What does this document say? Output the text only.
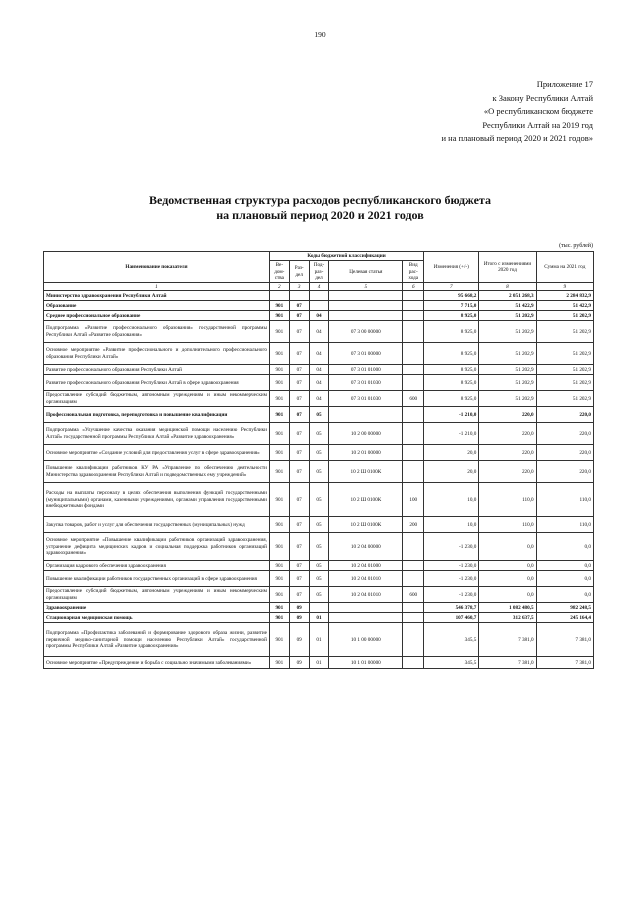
190
Приложение 17
к Закону Республики Алтай
«О республиканском бюджете
Республики Алтай на 2019 год
и на плановый период 2020 и 2021 годов»
Ведомственная структура расходов республиканского бюджета
на плановый период 2020 и 2021 годов
(тыс. рублей)
Наименование показателя	Коды бюджетной классификации					Изменения (+/-)	Итого с изменениями 2020 год	Сумма на 2021 год
	Ве-дом-ства	Раз-дел	Под-раз-дел	Целевая статья	Вид рас-хода			
1	2	3	4	5	6	7	8	9
Министерство здравоохранения Республики Алтай						95 668,2	2 051 268,3	2 284 832,9
Образование	901	07				7 715,0	51 422,9	51 422,9
Среднее профессиональное образование	901	07	04			8 925,0	51 202,9	51 202,9
Подпрограмма «Развитие профессионального образования» государственной программы Республики Алтай «Развитие образования»	901	07	04	07 3 00 00000		8 925,0	51 202,9	51 202,9
Основное мероприятие «Развитие профессионального и дополнительного профессионального образования Республики Алтай»	901	07	04	07 3 01 00000		8 925,0	51 202,9	51 202,9
Развитие профессионального образования Республики Алтай	901	07	04	07 3 01 01000		8 925,0	51 202,9	51 202,9
Развитие профессионального образования Республики Алтай в сфере здравоохранения	901	07	04	07 3 01 01030		8 925,0	51 202,9	51 202,9
Предоставление субсидий бюджетным, автономным учреждениям и иным некоммерческим организациям	901	07	04	07 3 01 01030	600	8 925,0	51 202,9	51 202,9
Профессиональная подготовка, переподготовка и повышение квалификации	901	07	05			-1 210,0	220,0	220,0
Подпрограмма «Улучшение качества оказания медицинской помощи населению Республики Алтай» государственной программы Республики Алтай «Развитие здравоохранения»	901	07	05	10 2 00 00000		-1 210,0	220,0	220,0
Основное мероприятие «Создание условий для предоставления услуг в сфере здравоохранения»	901	07	05	10 2 01 00000		20,0	220,0	220,0
Повышение квалификации работников КУ РА «Управление по обеспечению деятельности Министерства здравоохранения Республики Алтай и подведомственных ему учреждений»	901	07	05	10 2 Ш 0100К		20,0	220,0	220,0
Расходы на выплаты персоналу в целях обеспечения выполнения функций государственными (муниципальными) органами, казенными учреждениями, органами управления государственными внебюджетными фондами	901	07	05	10 2 Ш 0100К	100	10,0	110,0	110,0
Закупка товаров, работ и услуг для обеспечения государственных (муниципальных) нужд	901	07	05	10 2 Ш 0100К	200	10,0	110,0	110,0
Основное мероприятие «Повышение квалификации работников организаций здравоохранения, устранение дефицита медицинских кадров и социальная поддержка работников организаций здравоохранения»	901	07	05	10 2 04 00000		-1 230,0	0,0	0,0
Организация кадрового обеспечения здравоохранения	901	07	05	10 2 04 01000		-1 230,0	0,0	0,0
Повышение квалификации работников государственных организаций в сфере здравоохранения	901	07	05	10 2 04 01010		-1 230,0	0,0	0,0
Предоставление субсидий бюджетным, автономным учреждениям и иным некоммерческим организациям	901	07	05	10 2 04 01010	600	-1 230,0	0,0	0,0
Здравоохранение	901	09				546 378,7	1 082 480,5	982 248,5
Стационарная медицинская помощь	901	09	01			107 460,7	312 637,5	245 164,4
Подпрограмма «Профилактика заболеваний и формирование здорового образа жизни, развитие первичной медико-санитарной помощи населению Республики Алтай» государственной программы Республики Алтай «Развитие здравоохранения»	901	09	01	10 1 00 00000		345,5	7 381,0	7 381,0
Основное мероприятие «Предупреждение и борьба с социально значимыми заболеваниями»	901	09	01	10 1 01 00000		345,5	7 381,0	7 381,0
